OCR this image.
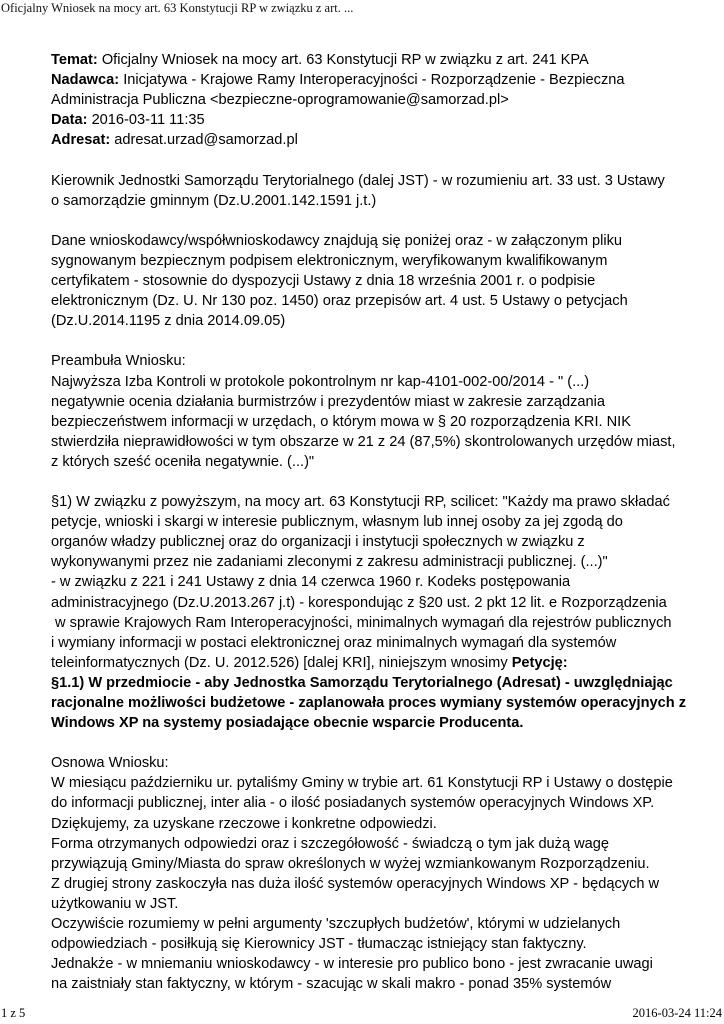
Oficjalny Wniosek na mocy art. 63 Konstytucji RP w związku z art. ...
Temat: Oficjalny Wniosek na mocy art. 63 Konstytucji RP w związku z art. 241 KPA
Nadawca: Inicjatywa - Krajowe Ramy Interoperacyjności - Rozporządzenie - Bezpieczna
Administracja Publiczna <bezpieczne-oprogramowanie@samorzad.pl>
Data: 2016-03-11 11:35
Adresat: adresat.urzad@samorzad.pl
Kierownik Jednostki Samorządu Terytorialnego (dalej JST) - w rozumieniu art. 33 ust. 3 Ustawy
o samorządzie gminnym (Dz.U.2001.142.1591 j.t.)
Dane wnioskodawcy/współwnioskodawcy znajdują się poniżej oraz - w załączonym pliku
sygnowanym bezpiecznym podpisem elektronicznym, weryfikowanym kwalifikowanym
certyfikatem - stosownie do dyspozycji Ustawy z dnia 18 września 2001 r. o podpisie
elektronicznym (Dz. U. Nr 130 poz. 1450) oraz przepisów art. 4 ust. 5 Ustawy o petycjach
(Dz.U.2014.1195 z dnia 2014.09.05)
Preambuła Wniosku:
Najwyższa Izba Kontroli w protokole pokontrolnym nr kap-4101-002-00/2014 - " (...)
negatywnie ocenia działania burmistrzów i prezydentów miast w zakresie zarządzania
bezpieczeństwem informacji w urzędach, o którym mowa w § 20 rozporządzenia KRI. NIK
stwierdziła nieprawidłowości w tym obszarze w 21 z 24 (87,5%) skontrolowanych urzędów miast,
z których sześć oceniła negatywnie. (...)"
§1) W związku z powyższym, na mocy art. 63 Konstytucji RP, scilicet: "Każdy ma prawo składać
petycje, wnioski i skargi w interesie publicznym, własnym lub innej osoby za jej zgodą do
organów władzy publicznej oraz do organizacji i instytucji społecznych w związku z
wykonywanymi przez nie zadaniami zleconymi z zakresu administracji publicznej. (...)"
- w związku z 221 i 241 Ustawy z dnia 14 czerwca 1960 r. Kodeks postępowania
administracyjnego (Dz.U.2013.267 j.t) - korespondując z §20 ust. 2 pkt 12 lit. e Rozporządzenia
w sprawie Krajowych Ram Interoperacyjności, minimalnych wymagań dla rejestrów publicznych
i wymiany informacji w postaci elektronicznej oraz minimalnych wymagań dla systemów
teleinformatycznych (Dz. U. 2012.526) [dalej KRI], niniejszym wnosimy Petycję:
§1.1) W przedmiocie - aby Jednostka Samorządu Terytorialnego (Adresat) - uwzględniając
racjonalne możliwości budżetowe - zaplanowała proces wymiany systemów operacyjnych z
Windows XP na systemy posiadające obecnie wsparcie Producenta.
Osnowa Wniosku:
W miesiącu październiku ur. pytaliśmy Gminy w trybie art. 61 Konstytucji RP i Ustawy o dostępie
do informacji publicznej, inter alia - o ilość posiadanych systemów operacyjnych Windows XP.
Dziękujemy, za uzyskane rzeczowe i konkretne odpowiedzi.
Forma otrzymanych odpowiedzi oraz i szczegółowość - świadczą o tym jak dużą wagę
przywiązują Gminy/Miasta do spraw określonych w wyżej wzmiankowanym Rozporządzeniu.
Z drugiej strony zaskoczyła nas duża ilość systemów operacyjnych Windows XP - będących w
użytkowaniu w JST.
Oczywiście rozumiemy w pełni argumenty 'szczupłych budżetów', którymi w udzielanych
odpowiedziach - posiłkują się Kierownicy JST - tłumacząc istniejący stan faktyczny.
Jednakże - w mniemaniu wnioskodawcy - w interesie pro publico bono - jest zwracanie uwagi
na zaistniały stan faktyczny, w którym - szacując w skali makro - ponad 35% systemów
1 z 5	2016-03-24 11:24
